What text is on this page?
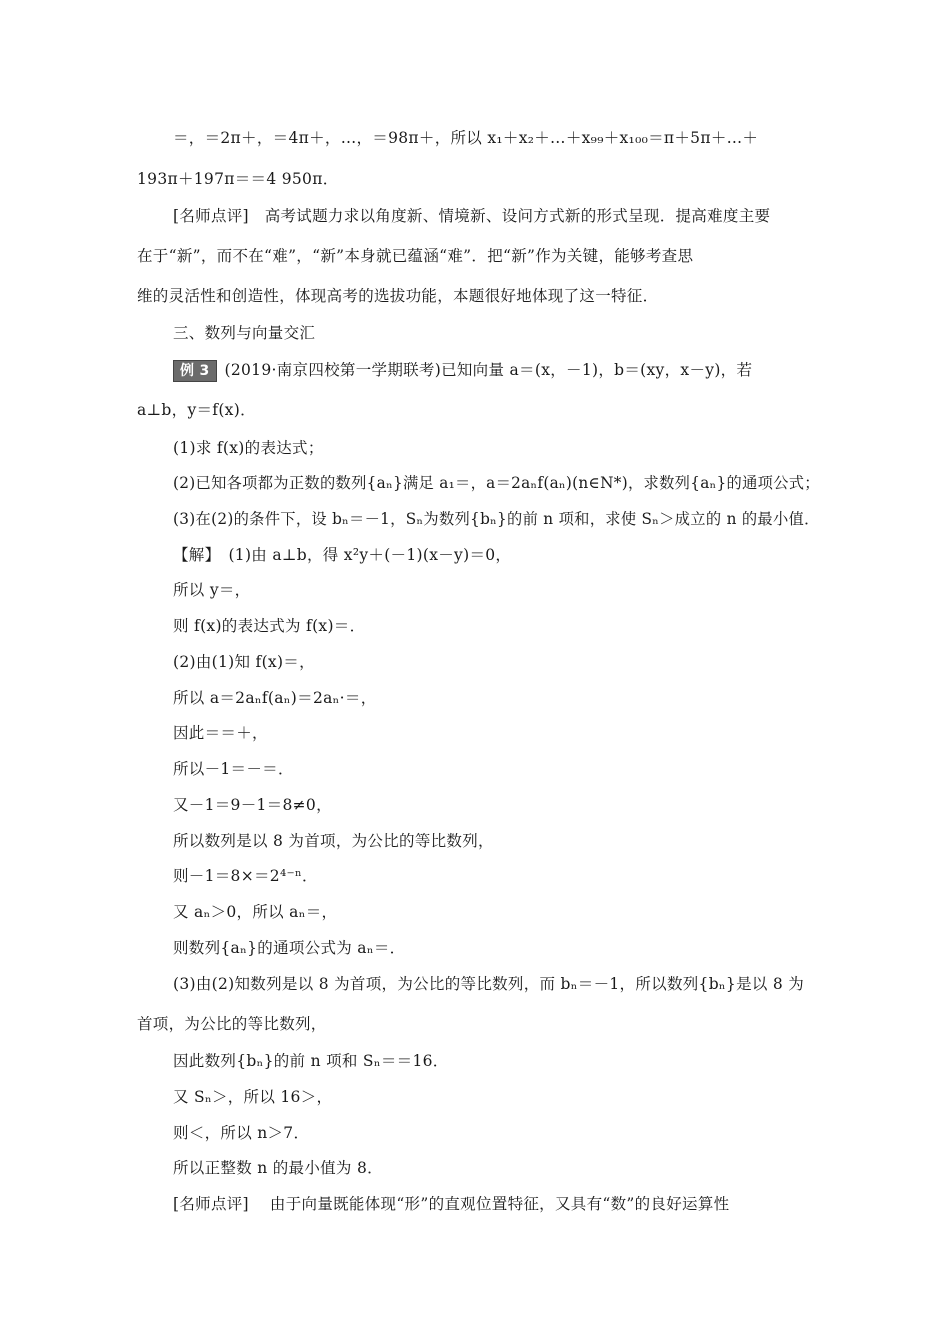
＝，＝2π＋，＝4π＋，…，＝98π＋，所以 x₁＋x₂＋…＋x₉₉＋x₁₀₀＝π＋5π＋…＋
193π＋197π＝＝4 950π．
[名师点评]　高考试题力求以角度新、情境新、设问方式新的形式呈现．提高难度主要
在于“新”，而不在“难”，“新”本身就已蕴涵“难”．把“新”作为关键，能够考查思
维的灵活性和创造性，体现高考的选拔功能，本题很好地体现了这一特征．
三、数列与向量交汇
例 3 (2019·南京四校第一学期联考)已知向量 a＝(x，－1)，b＝(xy，x－y)，若
a⊥b，y＝f(x)．
(1)求 f(x)的表达式；
(2)已知各项都为正数的数列{aₙ}满足 a₁＝，a＝2aₙf(aₙ)(n∈N*)，求数列{aₙ}的通项公式；
(3)在(2)的条件下，设 bₙ＝－1，Sₙ为数列{bₙ}的前 n 项和，求使 Sₙ＞成立的 n 的最小值．
【解】　(1)由 a⊥b，得 x²y＋(－1)(x－y)＝0，
所以 y＝，
则 f(x)的表达式为 f(x)＝．
(2)由(1)知 f(x)＝，
所以 a＝2aₙf(aₙ)＝2aₙ·＝，
因此＝＝＋，
所以－1＝－＝．
又－1＝9－1＝8≠0，
所以数列是以 8 为首项，为公比的等比数列，
则－1＝8×＝2⁴⁻ⁿ．
又 aₙ＞0，所以 aₙ＝，
则数列{aₙ}的通项公式为 aₙ＝．
(3)由(2)知数列是以 8 为首项，为公比的等比数列，而 bₙ＝－1，所以数列{bₙ}是以 8 为
首项，为公比的等比数列，
因此数列{bₙ}的前 n 项和 Sₙ＝＝16．
又 Sₙ＞，所以 16＞，
则＜，所以 n＞7．
所以正整数 n 的最小值为 8．
[名师点评]　 由于向量既能体现“形”的直观位置特征，又具有“数”的良好运算性
